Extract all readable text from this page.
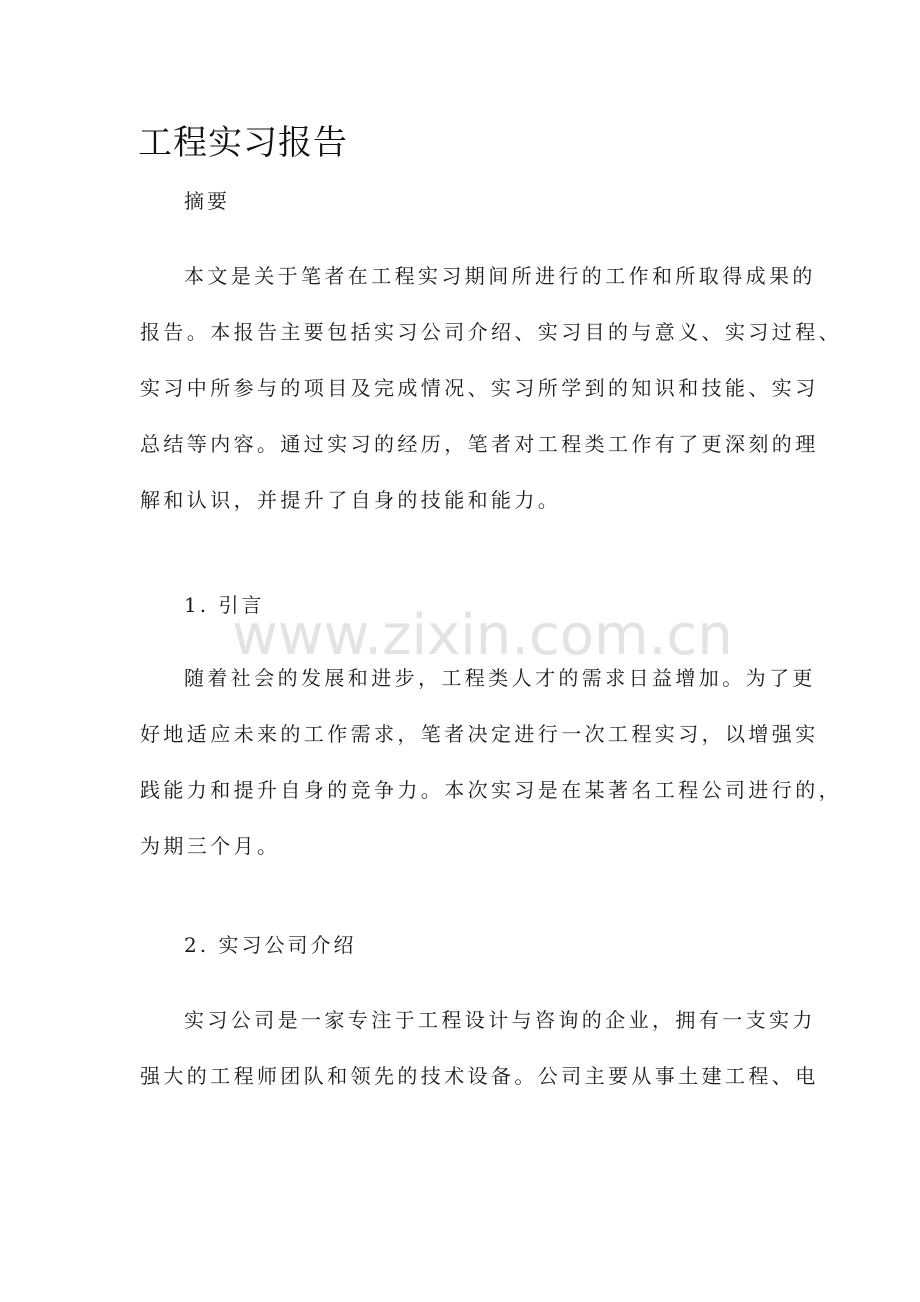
工程实习报告
摘要
本文是关于笔者在工程实习期间所进行的工作和所取得成果的
报告。本报告主要包括实习公司介绍、实习目的与意义、实习过程、
实习中所参与的项目及完成情况、实习所学到的知识和技能、实习
总结等内容。通过实习的经历，笔者对工程类工作有了更深刻的理
解和认识，并提升了自身的技能和能力。
1. 引言
随着社会的发展和进步，工程类人才的需求日益增加。为了更
好地适应未来的工作需求，笔者决定进行一次工程实习，以增强实
践能力和提升自身的竞争力。本次实习是在某著名工程公司进行的，
为期三个月。
2. 实习公司介绍
实习公司是一家专注于工程设计与咨询的企业，拥有一支实力
强大的工程师团队和领先的技术设备。公司主要从事土建工程、电
www.zixin.com.cn
